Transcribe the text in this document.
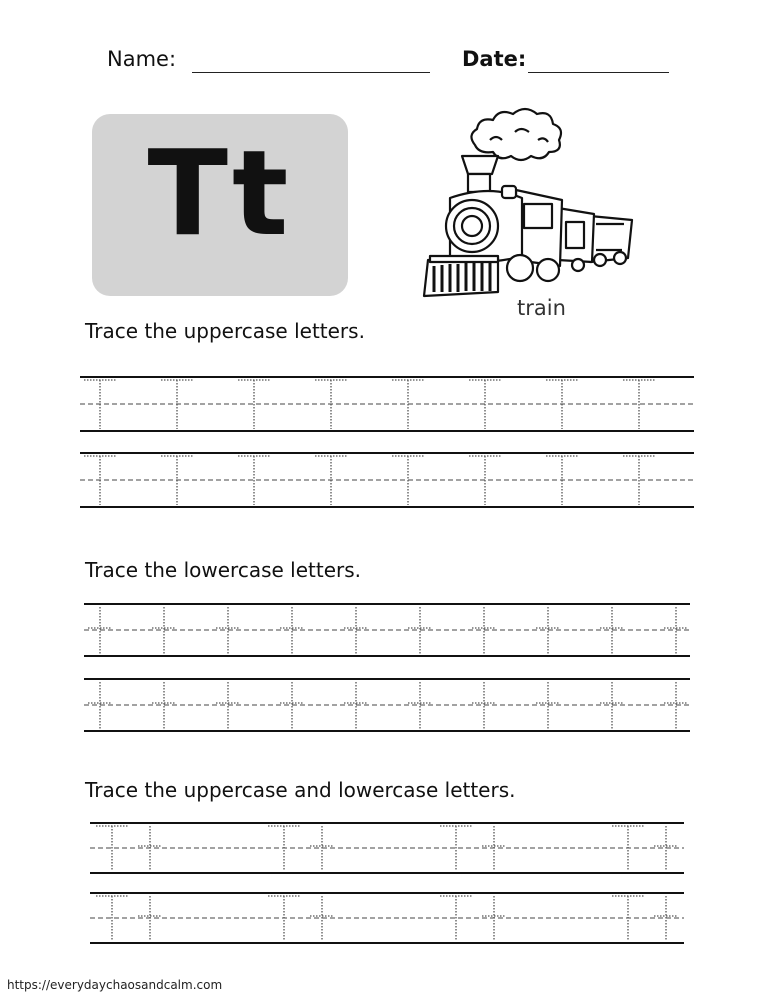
Name:	Date:
Tt
train
Trace the uppercase letters.
Trace the lowercase letters.
Trace the uppercase and lowercase letters.
https://everydaychaosandcalm.com
